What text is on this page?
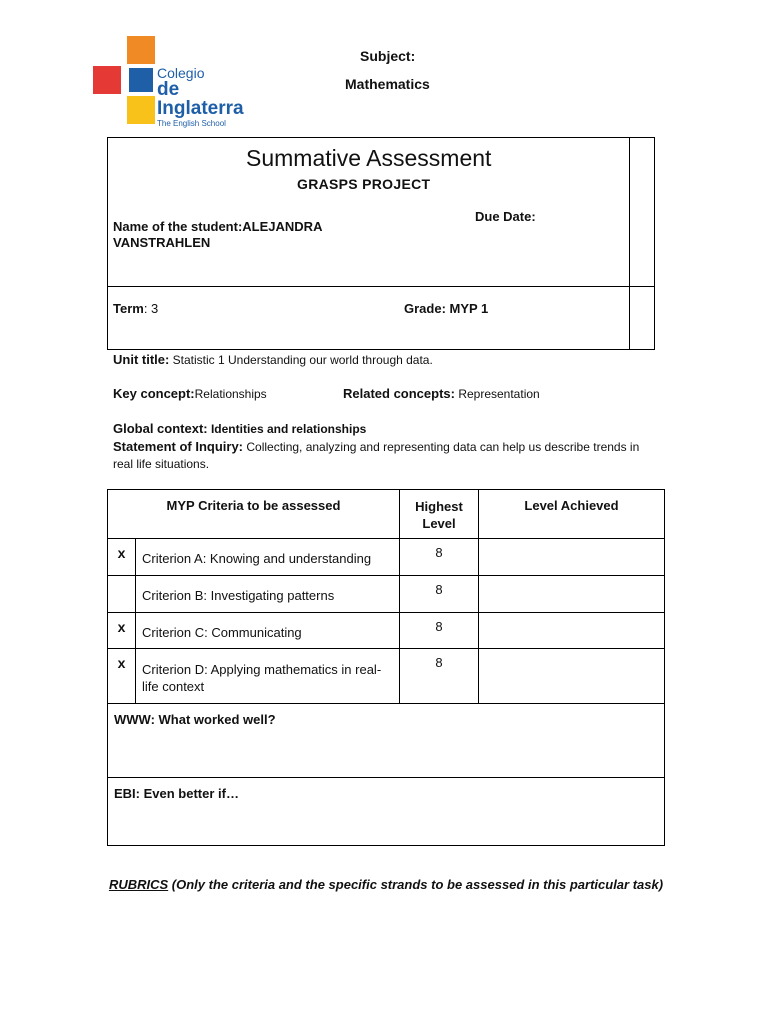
Colegio
de Inglaterra
The English School
Subject:
Mathematics
Summative Assessment
GRASPS PROJECT
Name of the student:ALEJANDRA VANSTRAHLEN
Due Date:
Term: 3	Grade: MYP 1
Unit title: Statistic 1 Understanding our world through data.
Key concept:Relationships	Related concepts: Representation
Global context: Identities and relationships
Statement of Inquiry: Collecting, analyzing and representing data can help us describe trends in real life situations.
MYP Criteria to be assessed		Highest Level	Level Achieved
x	Criterion A: Knowing and understanding	8	
	Criterion B: Investigating patterns	8	
x	Criterion C: Communicating	8	
x	Criterion D: Applying mathematics in real-life context	8	
WWW: What worked well?			
EBI: Even better if…			
RUBRICS (Only the criteria and the specific strands to be assessed in this particular task)
